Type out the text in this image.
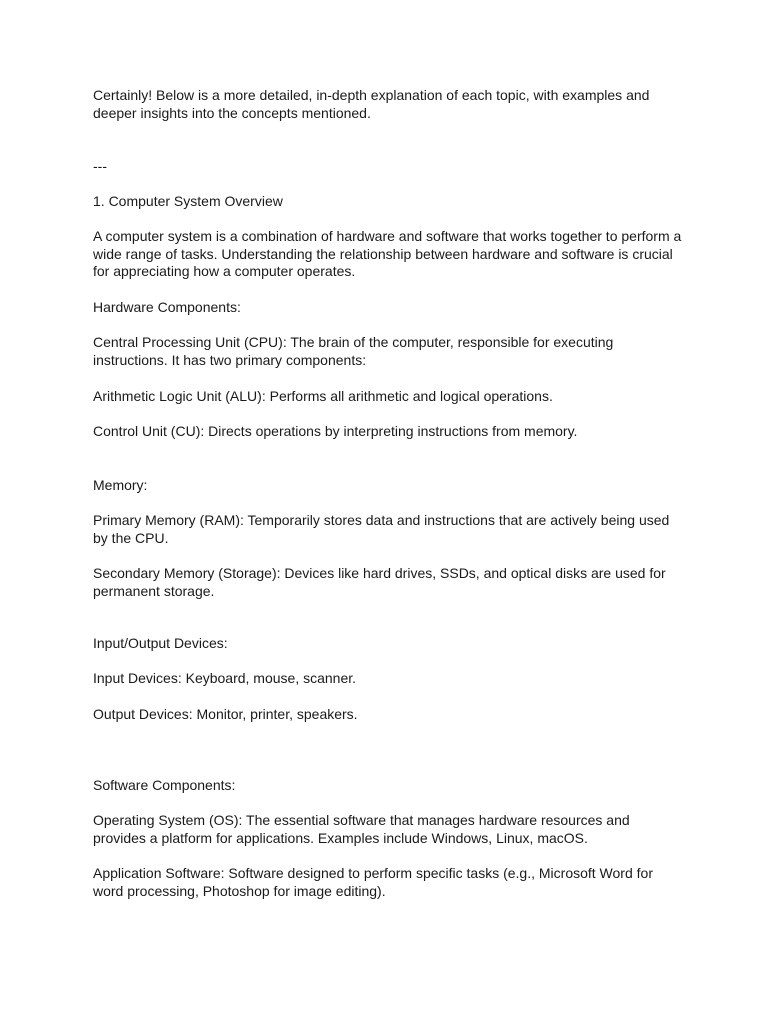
Certainly! Below is a more detailed, in-depth explanation of each topic, with examples and deeper insights into the concepts mentioned.

---

1. Computer System Overview

A computer system is a combination of hardware and software that works together to perform a wide range of tasks. Understanding the relationship between hardware and software is crucial for appreciating how a computer operates.

Hardware Components:

Central Processing Unit (CPU): The brain of the computer, responsible for executing instructions. It has two primary components:

Arithmetic Logic Unit (ALU): Performs all arithmetic and logical operations.

Control Unit (CU): Directs operations by interpreting instructions from memory.

Memory:

Primary Memory (RAM): Temporarily stores data and instructions that are actively being used by the CPU.

Secondary Memory (Storage): Devices like hard drives, SSDs, and optical disks are used for permanent storage.

Input/Output Devices:

Input Devices: Keyboard, mouse, scanner.

Output Devices: Monitor, printer, speakers.

Software Components:

Operating System (OS): The essential software that manages hardware resources and provides a platform for applications. Examples include Windows, Linux, macOS.

Application Software: Software designed to perform specific tasks (e.g., Microsoft Word for word processing, Photoshop for image editing).
